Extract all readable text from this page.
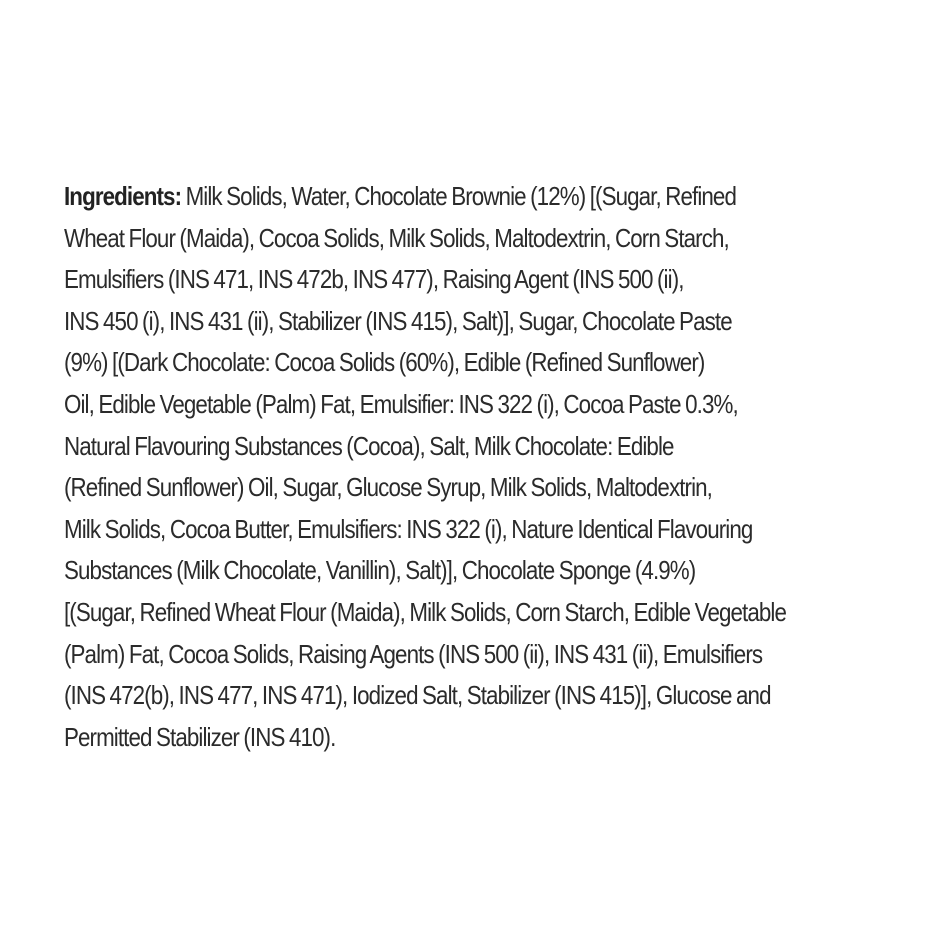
Ingredients: Milk Solids, Water, Chocolate Brownie (12%) [(Sugar, Refined
Wheat Flour (Maida), Cocoa Solids, Milk Solids, Maltodextrin, Corn Starch,
Emulsifiers (INS 471, INS 472b, INS 477), Raising Agent (INS 500 (ii),
INS 450 (i), INS 431 (ii), Stabilizer (INS 415), Salt)], Sugar, Chocolate Paste
(9%) [(Dark Chocolate: Cocoa Solids (60%), Edible (Refined Sunflower)
Oil, Edible Vegetable (Palm) Fat, Emulsifier: INS 322 (i), Cocoa Paste 0.3%,
Natural Flavouring Substances (Cocoa), Salt, Milk Chocolate: Edible
(Refined Sunflower) Oil, Sugar, Glucose Syrup, Milk Solids, Maltodextrin,
Milk Solids, Cocoa Butter, Emulsifiers: INS 322 (i), Nature Identical Flavouring
Substances (Milk Chocolate, Vanillin), Salt)], Chocolate Sponge (4.9%)
[(Sugar, Refined Wheat Flour (Maida), Milk Solids, Corn Starch, Edible Vegetable
(Palm) Fat, Cocoa Solids, Raising Agents (INS 500 (ii), INS 431 (ii), Emulsifiers
(INS 472(b), INS 477, INS 471), Iodized Salt, Stabilizer (INS 415)], Glucose and
Permitted Stabilizer (INS 410).
